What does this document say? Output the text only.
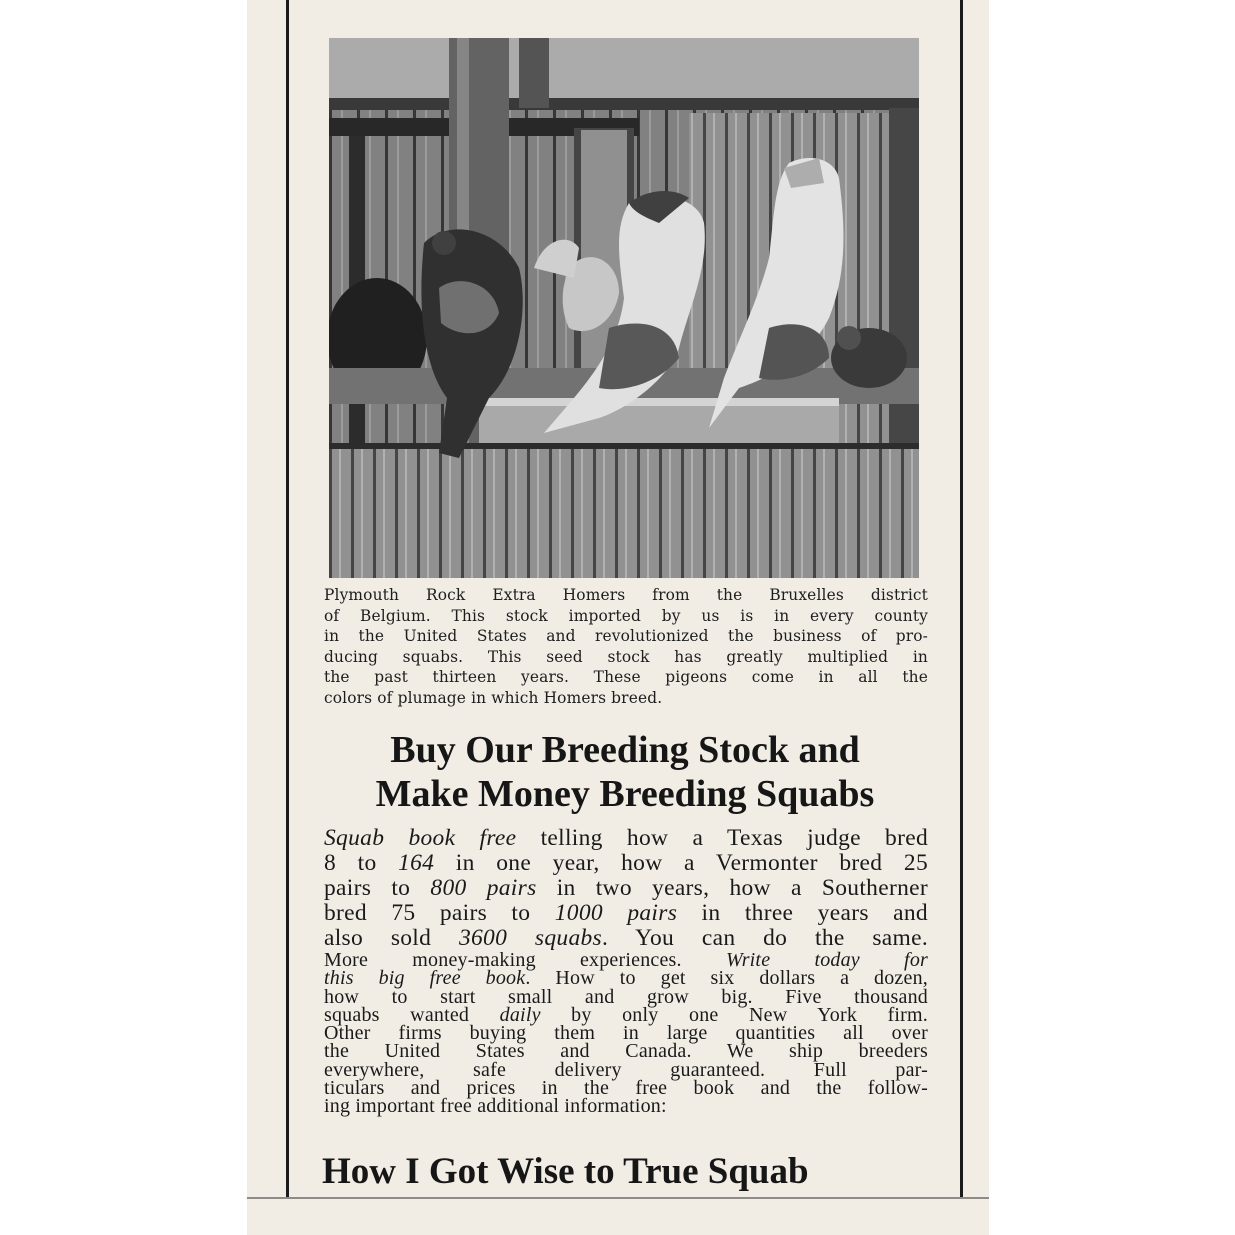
Plymouth Rock Extra Homers from the Bruxelles district
of Belgium. This stock imported by us is in every county
in the United States and revolutionized the business of pro-
ducing squabs. This seed stock has greatly multiplied in
the past thirteen years. These pigeons come in all the
colors of plumage in which Homers breed.

Buy Our Breeding Stock and
Make Money Breeding Squabs
Squab book free telling how a Texas judge bred
8 to 164 in one year, how a Vermonter bred 25
pairs to 800 pairs in two years, how a Southerner
bred 75 pairs to 1000 pairs in three years and
also sold 3600 squabs. You can do the same.
More money-making experiences. Write today for
this big free book. How to get six dollars a dozen,
how to start small and grow big. Five thousand
squabs wanted daily by only one New York firm.
Other firms buying them in large quantities all over
the United States and Canada. We ship breeders
everywhere, safe delivery guaranteed. Full par-
ticulars and prices in the free book and the follow-
ing important free additional information:
How I Got Wise to True Squab
